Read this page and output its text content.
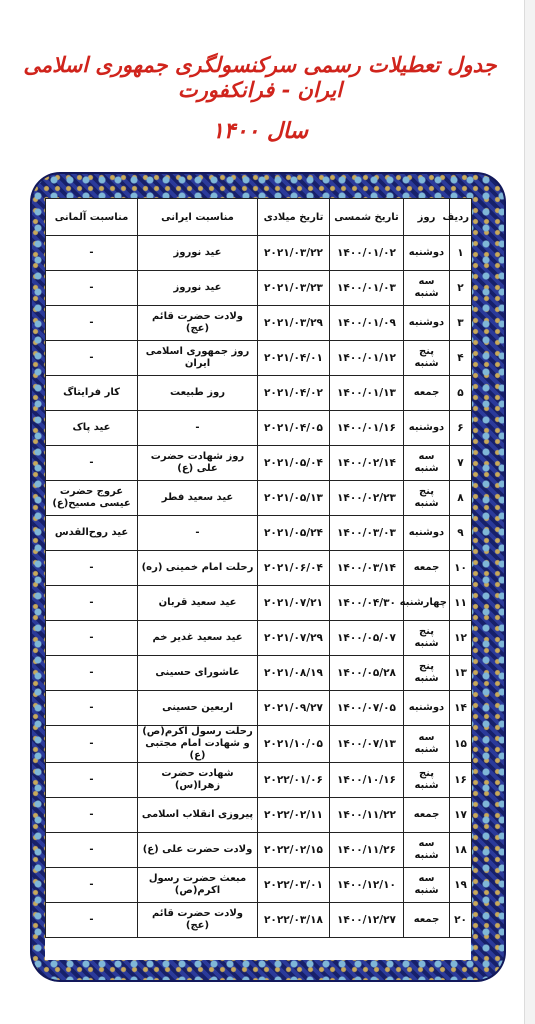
جدول تعطیلات رسمی سرکنسولگری جمهوری اسلامی ایران - فرانکفورت
سال ۱۴۰۰
ردیف	روز	تاریخ شمسی	تاریخ میلادی	مناسبت ایرانی	مناسبت آلمانی
۱	دوشنبه	۱۴۰۰/۰۱/۰۲	۲۰۲۱/۰۳/۲۲	عید نوروز	-
۲	سه شنبه	۱۴۰۰/۰۱/۰۳	۲۰۲۱/۰۳/۲۳	عید نوروز	-
۳	دوشنبه	۱۴۰۰/۰۱/۰۹	۲۰۲۱/۰۳/۲۹	ولادت حضرت قائم (عج)	-
۴	پنج شنبه	۱۴۰۰/۰۱/۱۲	۲۰۲۱/۰۴/۰۱	روز جمهوری اسلامی ایران	-
۵	جمعه	۱۴۰۰/۰۱/۱۳	۲۰۲۱/۰۴/۰۲	روز طبیعت	کار فرایتاگ
۶	دوشنبه	۱۴۰۰/۰۱/۱۶	۲۰۲۱/۰۴/۰۵	-	عید پاک
۷	سه شنبه	۱۴۰۰/۰۲/۱۴	۲۰۲۱/۰۵/۰۴	روز شهادت حضرت علی (ع)	-
۸	پنج شنبه	۱۴۰۰/۰۲/۲۳	۲۰۲۱/۰۵/۱۳	عید سعید فطر	عروج حضرت عیسی مسیح(ع)
۹	دوشنبه	۱۴۰۰/۰۳/۰۳	۲۰۲۱/۰۵/۲۴	-	عید روح‌القدس
۱۰	جمعه	۱۴۰۰/۰۳/۱۴	۲۰۲۱/۰۶/۰۴	رحلت امام خمینی (ره)	-
۱۱	چهارشنبه	۱۴۰۰/۰۴/۳۰	۲۰۲۱/۰۷/۲۱	عید سعید قربان	-
۱۲	پنج شنبه	۱۴۰۰/۰۵/۰۷	۲۰۲۱/۰۷/۲۹	عید سعید غدیر خم	-
۱۳	پنج شنبه	۱۴۰۰/۰۵/۲۸	۲۰۲۱/۰۸/۱۹	عاشورای حسینی	-
۱۴	دوشنبه	۱۴۰۰/۰۷/۰۵	۲۰۲۱/۰۹/۲۷	اربعین حسینی	-
۱۵	سه شنبه	۱۴۰۰/۰۷/۱۳	۲۰۲۱/۱۰/۰۵	رحلت رسول اکرم(ص) و شهادت امام مجتبی (ع)	-
۱۶	پنج شنبه	۱۴۰۰/۱۰/۱۶	۲۰۲۲/۰۱/۰۶	شهادت حضرت زهرا(س)	-
۱۷	جمعه	۱۴۰۰/۱۱/۲۲	۲۰۲۲/۰۲/۱۱	پیروزی انقلاب اسلامی	-
۱۸	سه شنبه	۱۴۰۰/۱۱/۲۶	۲۰۲۲/۰۲/۱۵	ولادت حضرت علی (ع)	-
۱۹	سه شنبه	۱۴۰۰/۱۲/۱۰	۲۰۲۲/۰۳/۰۱	مبعث حضرت رسول اکرم(ص)	-
۲۰	جمعه	۱۴۰۰/۱۲/۲۷	۲۰۲۲/۰۳/۱۸	ولادت حضرت قائم (عج)	-
